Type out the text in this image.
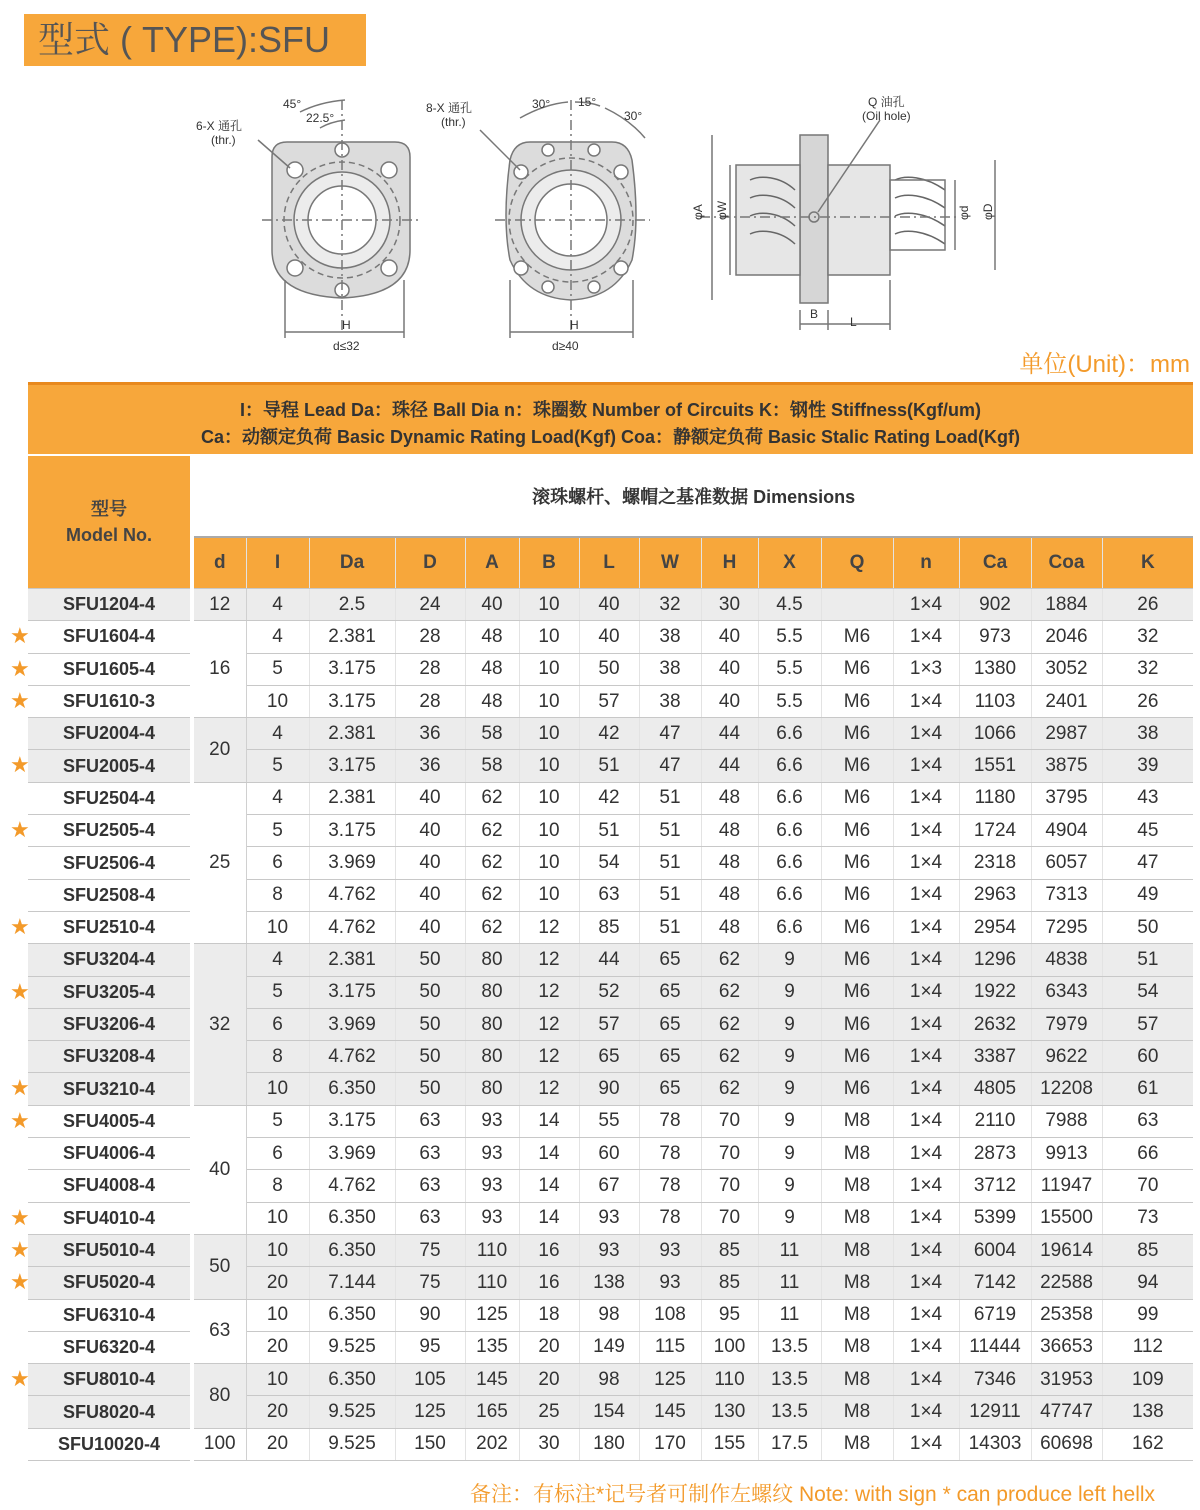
型式 ( TYPE):SFU
6-X 通孔
(thr.)
45°
22.5°
H
d≤32
8-X 通孔
(thr.)
30° 15°
30°
H
d≥40
Q 油孔
(Oil hole)
φA φW	φd φD
B
L
单位(Unit)：mm
I：导程 Lead Da：珠径 Ball Dia n：珠圈数 Number of Circuits K：钢性 Stiffness(Kgf/um)
Ca：动额定负荷 Basic Dynamic Rating Load(Kgf) Coa：静额定负荷 Basic Stalic Rating Load(Kgf)
型号
Model No.	滚珠螺杆、螺帽之基准数据 Dimensions														
	d	I	Da	D	A	B	L	W	H	X	Q	n	Ca	Coa	K
SFU1204-4	12	4	2.5	24	40	10	40	32	30	4.5		1×4	902	1884	26

★ SFU1604-4	16	4	2.381	28	48	10	40	38	40	5.5	M6	1×4	973	2046	32

★ SFU1605-4		5	3.175	28	48	10	50	38	40	5.5	M6	1×3	1380	3052	32

★ SFU1610-3		10	3.175	28	48	10	57	38	40	5.5	M6	1×4	1103	2401	26
SFU2004-4	20	4	2.381	36	58	10	42	47	44	6.6	M6	1×4	1066	2987	38

★ SFU2005-4		5	3.175	36	58	10	51	47	44	6.6	M6	1×4	1551	3875	39
SFU2504-4	25	4	2.381	40	62	10	42	51	48	6.6	M6	1×4	1180	3795	43

★ SFU2505-4		5	3.175	40	62	10	51	51	48	6.6	M6	1×4	1724	4904	45
SFU2506-4		6	3.969	40	62	10	54	51	48	6.6	M6	1×4	2318	6057	47
SFU2508-4		8	4.762	40	62	10	63	51	48	6.6	M6	1×4	2963	7313	49

★ SFU2510-4		10	4.762	40	62	12	85	51	48	6.6	M6	1×4	2954	7295	50
SFU3204-4	32	4	2.381	50	80	12	44	65	62	9	M6	1×4	1296	4838	51

★ SFU3205-4		5	3.175	50	80	12	52	65	62	9	M6	1×4	1922	6343	54
SFU3206-4		6	3.969	50	80	12	57	65	62	9	M6	1×4	2632	7979	57
SFU3208-4		8	4.762	50	80	12	65	65	62	9	M6	1×4	3387	9622	60

★ SFU3210-4		10	6.350	50	80	12	90	65	62	9	M6	1×4	4805	12208	61

★ SFU4005-4	40	5	3.175	63	93	14	55	78	70	9	M8	1×4	2110	7988	63
SFU4006-4		6	3.969	63	93	14	60	78	70	9	M8	1×4	2873	9913	66
SFU4008-4		8	4.762	63	93	14	67	78	70	9	M8	1×4	3712	11947	70

★ SFU4010-4		10	6.350	63	93	14	93	78	70	9	M8	1×4	5399	15500	73

★ SFU5010-4	50	10	6.350	75	110	16	93	93	85	11	M8	1×4	6004	19614	85

★ SFU5020-4		20	7.144	75	110	16	138	93	85	11	M8	1×4	7142	22588	94
SFU6310-4	63	10	6.350	90	125	18	98	108	95	11	M8	1×4	6719	25358	99
SFU6320-4		20	9.525	95	135	20	149	115	100	13.5	M8	1×4	11444	36653	112

★ SFU8010-4	80	10	6.350	105	145	20	98	125	110	13.5	M8	1×4	7346	31953	109
SFU8020-4		20	9.525	125	165	25	154	145	130	13.5	M8	1×4	12911	47747	138
SFU10020-4	100	20	9.525	150	202	30	180	170	155	17.5	M8	1×4	14303	60698	162
备注：有标注*记号者可制作左螺纹 Note: with sign * can produce left hellx
